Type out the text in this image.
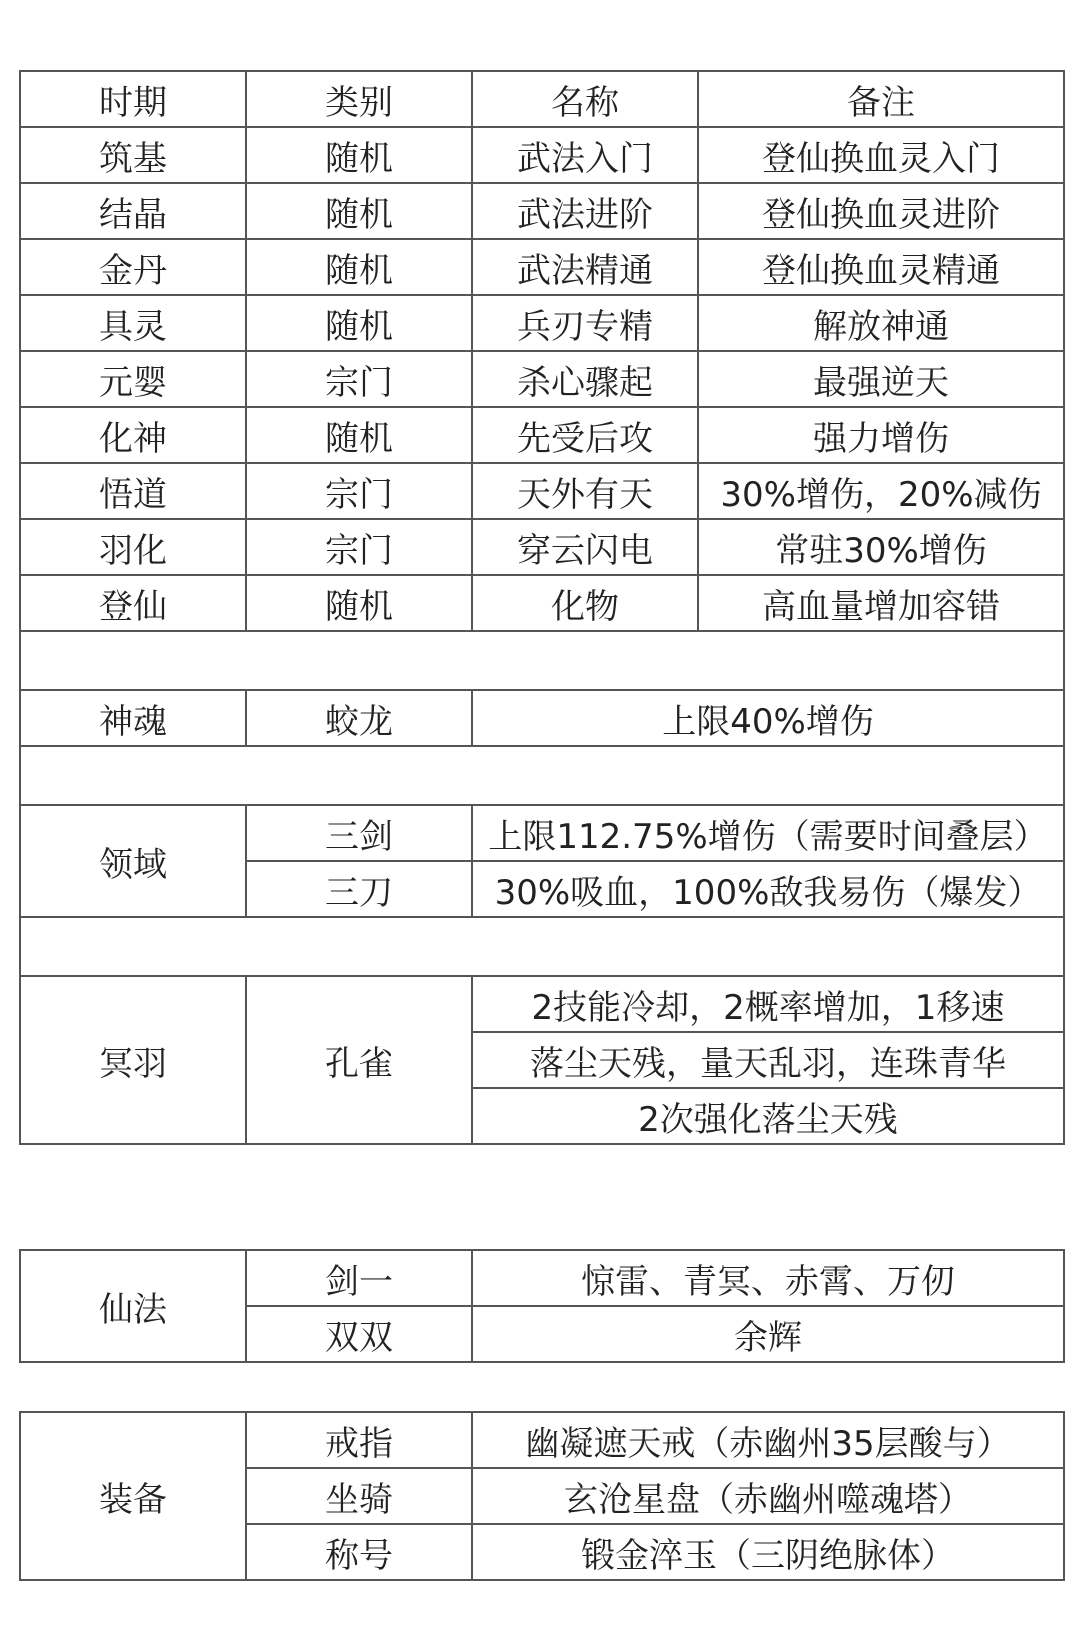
时期	类别	名称	备注
筑基	随机	武法入门	登仙换血灵入门
结晶	随机	武法进阶	登仙换血灵进阶
金丹	随机	武法精通	登仙换血灵精通
具灵	随机	兵刃专精	解放神通
元婴	宗门	杀心骤起	最强逆天
化神	随机	先受后攻	强力增伤
悟道	宗门	天外有天	30%增伤，20%减伤
羽化	宗门	穿云闪电	常驻30%增伤
登仙	随机	化物	高血量增加容错

神魂	蛟龙	上限40%增伤	

领域	三剑	上限112.75%增伤（需要时间叠层）	
	三刀	30%吸血，100%敌我易伤（爆发）	

冥羽	孔雀	2技能冷却，2概率增加，1移速	
		落尘天残，量天乱羽，连珠青华	
		2次强化落尘天残	
仙法	剑一	惊雷、青冥、赤霄、万仞
	双双	余辉
装备	戒指	幽凝遮天戒（赤幽州35层酸与）
	坐骑	玄沧星盘（赤幽州噬魂塔）
	称号	锻金淬玉（三阴绝脉体）
